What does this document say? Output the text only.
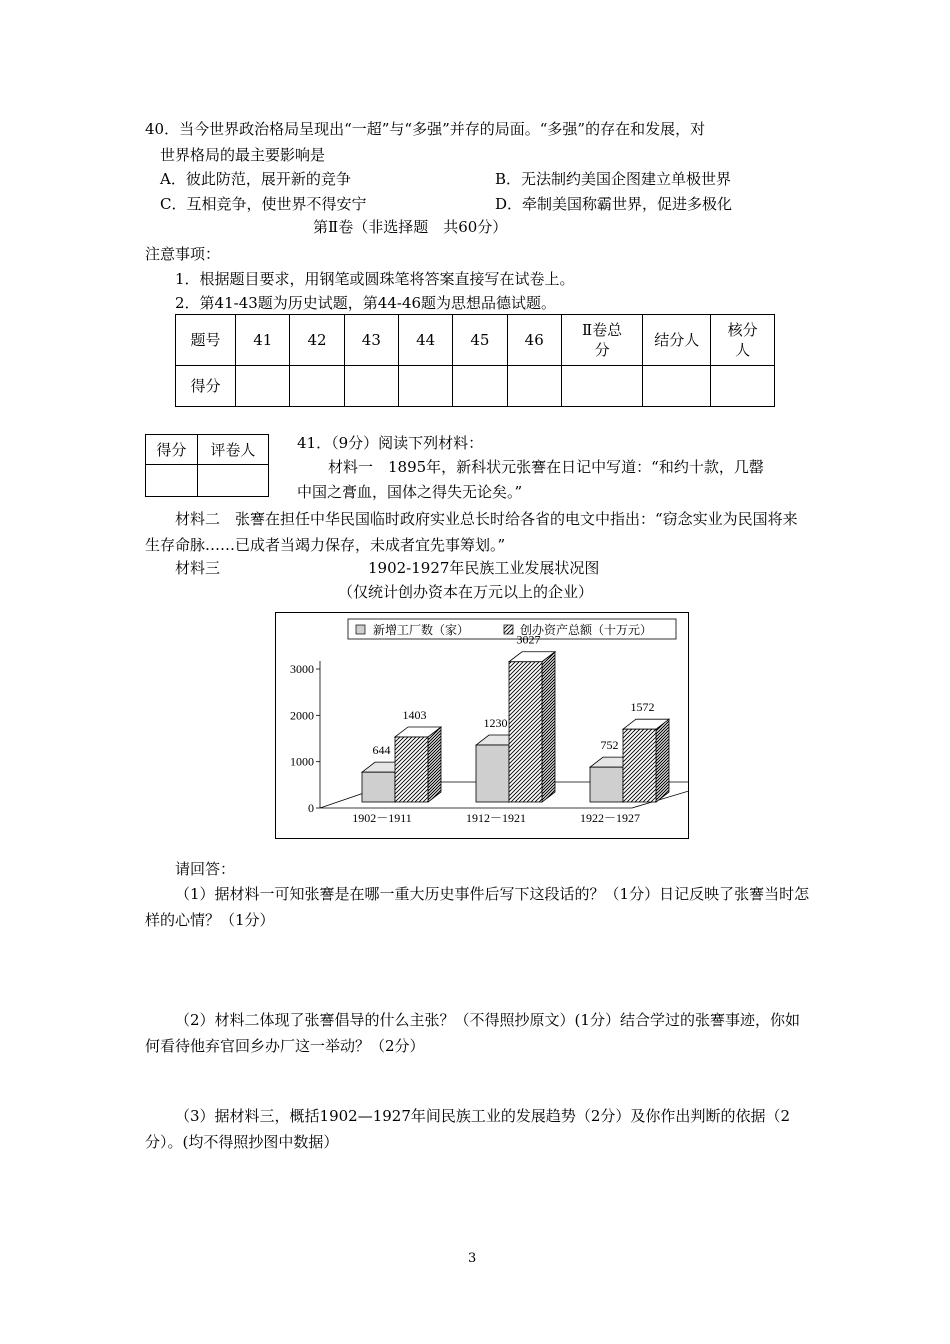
40．当今世界政治格局呈现出“一超”与“多强”并存的局面。“多强”的存在和发展，对
世界格局的最主要影响是
A．彼此防范，展开新的竞争	B．无法制约美国企图建立单极世界
C．互相竞争，使世界不得安宁	D．牵制美国称霸世界，促进多极化
第Ⅱ卷（非选择题　共60分）
注意事项：
1．根据题目要求，用钢笔或圆珠笔将答案直接写在试卷上。
2．第41-43题为历史试题，第44-46题为思想品德试题。
题号	41	42	43	44	45	46	Ⅱ卷总分	结分人	核分人
得分									
得分	评卷人
		41．（9分）阅读下列材料：
材料一　1895年，新科状元张謇在日记中写道：“和约十款，几罄
中国之膏血，国体之得失无论矣。”
材料二　张謇在担任中华民国临时政府实业总长时给各省的电文中指出：“窃念实业为民国将来生存命脉……已成者当竭力保存，未成者宜先事筹划。”
材料三	1902-1927年民族工业发展状况图
（仅统计创办资本在万元以上的企业）
新增工厂数（家）	创办资产总额（十万元）
0
1000
2000
3000
644
1403
1230
3027
752
1572
1902－1911	1912－1921	1922－1927
请回答：
（1）据材料一可知张謇是在哪一重大历史事件后写下这段话的？（1分）日记反映了张謇当时怎样的心情？（1分）
（2）材料二体现了张謇倡导的什么主张？（不得照抄原文）(1分）结合学过的张謇事迹，你如何看待他弃官回乡办厂这一举动？（2分）
（3）据材料三，概括1902—1927年间民族工业的发展趋势（2分）及你作出判断的依据（2分）。(均不得照抄图中数据）
3
